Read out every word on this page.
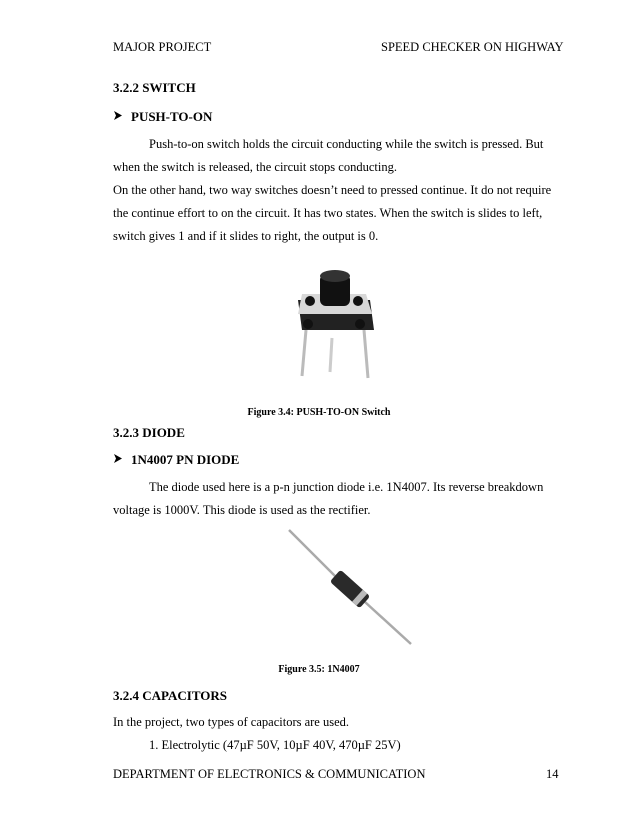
MAJOR PROJECT	SPEED CHECKER ON HIGHWAY
3.2.2 SWITCH
PUSH-TO-ON
Push-to-on switch holds the circuit conducting while the switch is pressed. But
when the switch is released, the circuit stops conducting.
On the other hand, two way switches doesn’t need to pressed continue. It do not require
the continue effort to on the circuit. It has two states. When the switch is slides to left,
switch gives 1 and if it slides to right, the output is 0.
Figure 3.4: PUSH-TO-ON Switch
3.2.3 DIODE
1N4007 PN DIODE
The diode used here is a p-n junction diode i.e. 1N4007. Its reverse breakdown
voltage is 1000V. This diode is used as the rectifier.
Figure 3.5: 1N4007
3.2.4 CAPACITORS
In the project, two types of capacitors are used.
1. Electrolytic (47µF 50V, 10µF 40V, 470µF 25V)
DEPARTMENT OF ELECTRONICS & COMMUNICATION	14
